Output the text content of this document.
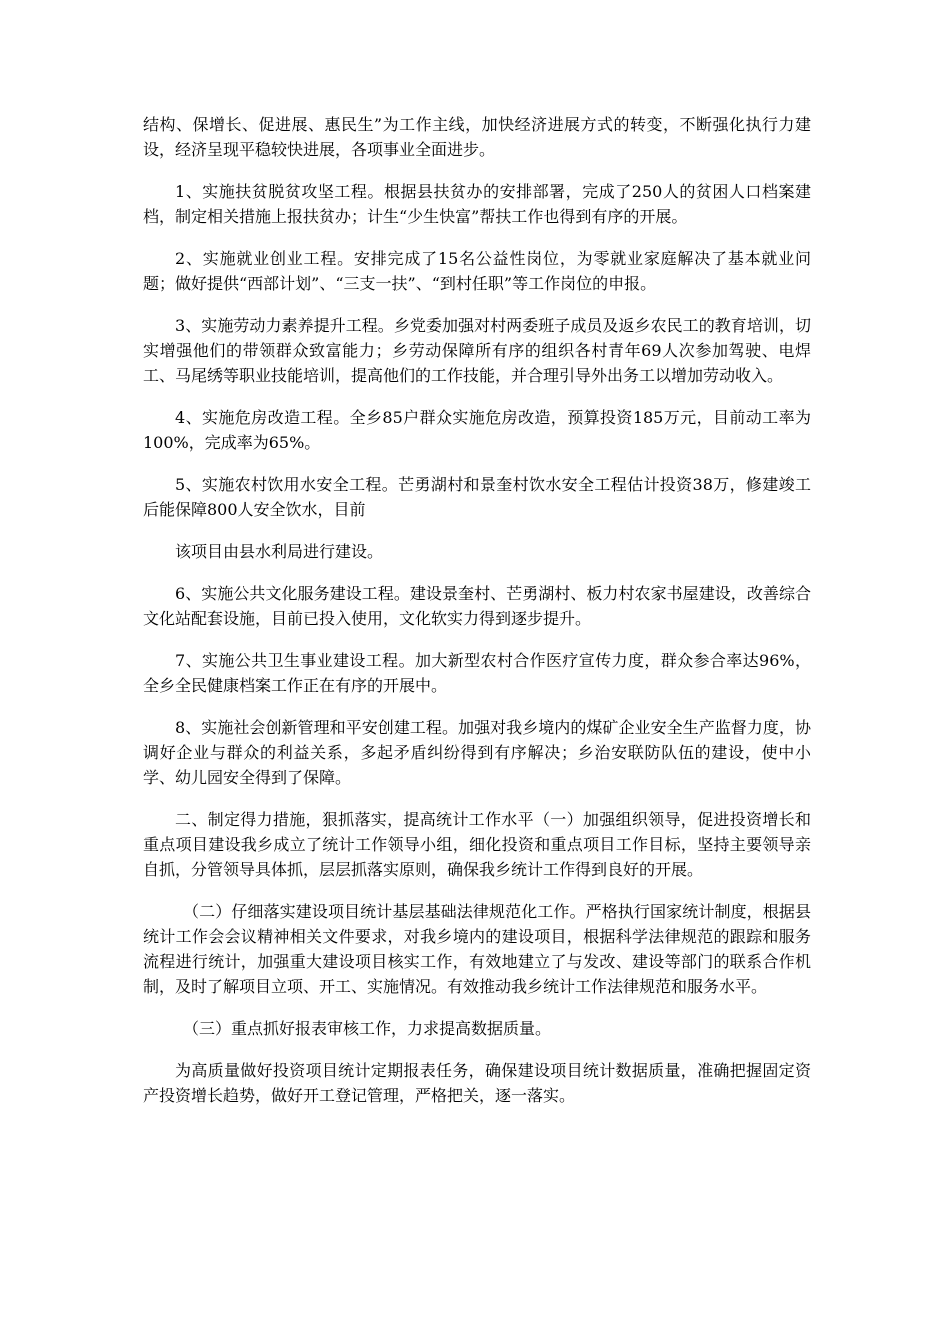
结构、保增长、促进展、惠民生”为工作主线，加快经济进展方式的转变，不断强化执行力建设，经济呈现平稳较快进展，各项事业全面进步。

1、实施扶贫脱贫攻坚工程。根据县扶贫办的安排部署，完成了250人的贫困人口档案建档，制定相关措施上报扶贫办；计生“少生快富”帮扶工作也得到有序的开展。

2、实施就业创业工程。安排完成了15名公益性岗位，为零就业家庭解决了基本就业问题；做好提供“西部计划”、“三支一扶”、“到村任职”等工作岗位的申报。

3、实施劳动力素养提升工程。乡党委加强对村两委班子成员及返乡农民工的教育培训，切实增强他们的带领群众致富能力；乡劳动保障所有序的组织各村青年69人次参加驾驶、电焊工、马尾绣等职业技能培训，提高他们的工作技能，并合理引导外出务工以增加劳动收入。

4、实施危房改造工程。全乡85户群众实施危房改造，预算投资185万元，目前动工率为100%，完成率为65%。

5、实施农村饮用水安全工程。芒勇湖村和景奎村饮水安全工程估计投资38万，修建竣工后能保障800人安全饮水，目前

该项目由县水利局进行建设。

6、实施公共文化服务建设工程。建设景奎村、芒勇湖村、板力村农家书屋建设，改善综合文化站配套设施，目前已投入使用，文化软实力得到逐步提升。

7、实施公共卫生事业建设工程。加大新型农村合作医疗宣传力度，群众参合率达96%，全乡全民健康档案工作正在有序的开展中。

8、实施社会创新管理和平安创建工程。加强对我乡境内的煤矿企业安全生产监督力度，协调好企业与群众的利益关系，多起矛盾纠纷得到有序解决；乡治安联防队伍的建设，使中小学、幼儿园安全得到了保障。

二、制定得力措施，狠抓落实，提高统计工作水平（一）加强组织领导，促进投资增长和重点项目建设我乡成立了统计工作领导小组，细化投资和重点项目工作目标，坚持主要领导亲自抓，分管领导具体抓，层层抓落实原则，确保我乡统计工作得到良好的开展。

（二）仔细落实建设项目统计基层基础法律规范化工作。严格执行国家统计制度，根据县统计工作会会议精神相关文件要求，对我乡境内的建设项目，根据科学法律规范的跟踪和服务流程进行统计，加强重大建设项目核实工作，有效地建立了与发改、建设等部门的联系合作机制，及时了解项目立项、开工、实施情况。有效推动我乡统计工作法律规范和服务水平。

（三）重点抓好报表审核工作，力求提高数据质量。

为高质量做好投资项目统计定期报表任务，确保建设项目统计数据质量，准确把握固定资产投资增长趋势，做好开工登记管理，严格把关，逐一落实。
